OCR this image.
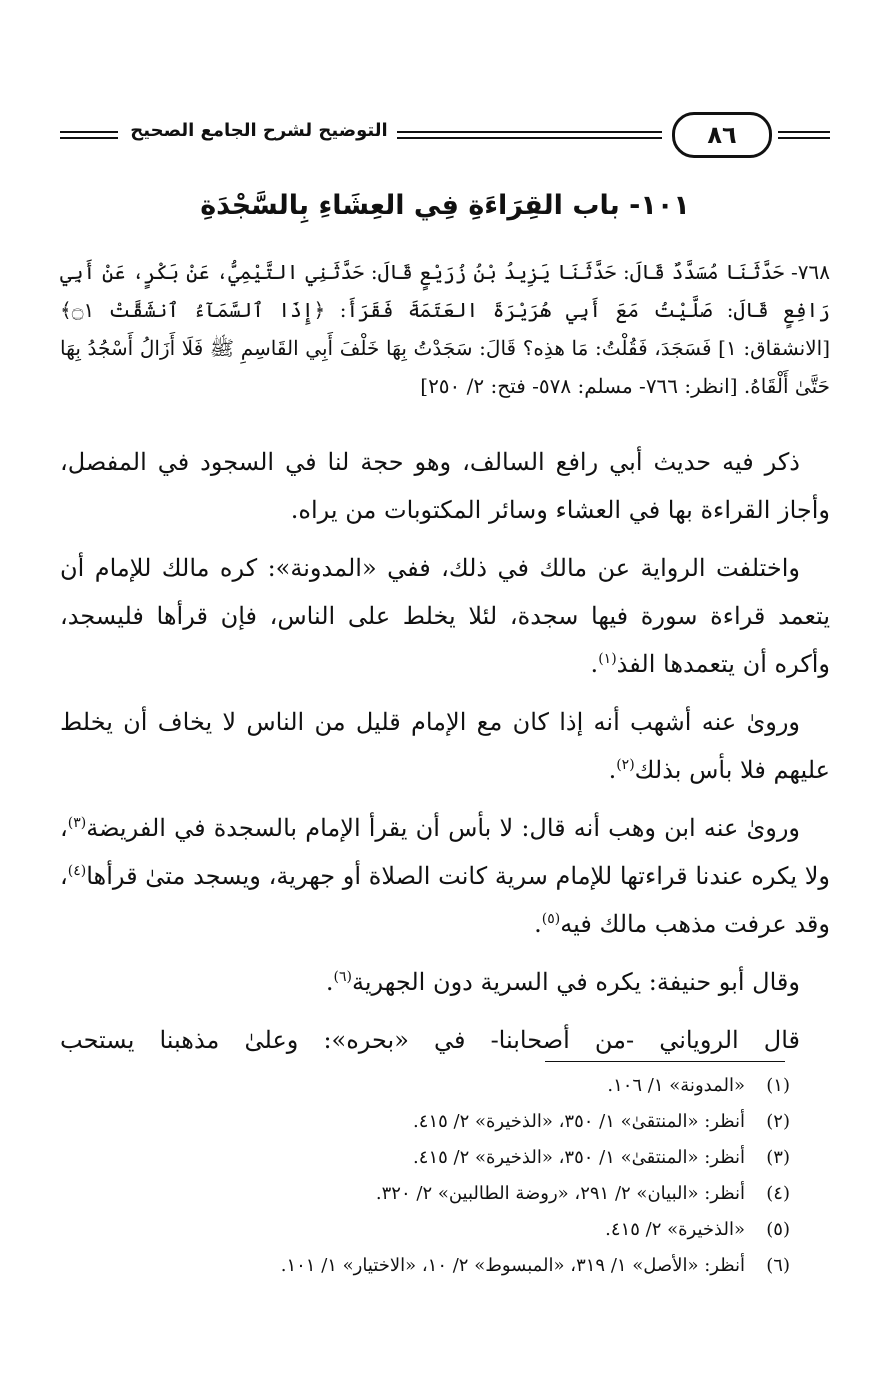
التوضيح لشرح الجامع الصحيح	٨٦
١٠١- باب القِرَاءَةِ فِي العِشَاءِ بِالسَّجْدَةِ

٧٦٨- حَدَّثَنَا مُسَدَّدٌ قَالَ: حَدَّثَنَا يَزِيدُ بْنُ زُرَيْعٍ قَالَ: حَدَّثَنِي التَّيْمِيُّ، عَنْ بَكْرٍ، عَنْ أَبِي رَافِعٍ قَالَ: صَلَّيْتُ مَعَ أَبِي هُرَيْرَةَ العَتَمَةَ فَقَرَأَ: ﴿إِذَا ٱلسَّمَآءُ ٱنشَقَّتْ ۝١﴾ [الانشقاق: ١] فَسَجَدَ، فَقُلْتُ: مَا هذِه؟ قَالَ: سَجَدْتُ بِهَا خَلْفَ أَبِي القَاسِمِ ﷺ فَلَا أَزَالُ أَسْجُدُ بِهَا حَتَّىٰ أَلْقَاهُ. [انظر: ٧٦٦- مسلم: ٥٧٨- فتح: ٢/ ٢٥٠]

ذكر فيه حديث أبي رافع السالف، وهو حجة لنا في السجود في المفصل، وأجاز القراءة بها في العشاء وسائر المكتوبات من يراه.

واختلفت الرواية عن مالك في ذلك، ففي «المدونة»: كره مالك للإمام أن يتعمد قراءة سورة فيها سجدة، لئلا يخلط على الناس، فإن قرأها فليسجد، وأكره أن يتعمدها الفذ$^{(١)}$.

وروىٰ عنه أشهب أنه إذا كان مع الإمام قليل من الناس لا يخاف أن يخلط عليهم فلا بأس بذلك$^{(٢)}$.

وروىٰ عنه ابن وهب أنه قال: لا بأس أن يقرأ الإمام بالسجدة في الفريضة$^{(٣)}$، ولا يكره عندنا قراءتها للإمام سرية كانت الصلاة أو جهرية، ويسجد متىٰ قرأها$^{(٤)}$، وقد عرفت مذهب مالك فيه$^{(٥)}$.

وقال أبو حنيفة: يكره في السرية دون الجهرية$^{(٦)}$.

قال الروياني -من أصحابنا- في «بحره»: وعلىٰ مذهبنا يستحب

(١)
«المدونة» ١/ ١٠٦.
(٢)
أنظر: «المنتقىٰ» ١/ ٣٥٠، «الذخيرة» ٢/ ٤١٥.
(٣)
أنظر: «المنتقىٰ» ١/ ٣٥٠، «الذخيرة» ٢/ ٤١٥.
(٤)
أنظر: «البيان» ٢/ ٢٩١، «روضة الطالبين» ٢/ ٣٢٠.
(٥)
«الذخيرة» ٢/ ٤١٥.
(٦)
أنظر: «الأصل» ١/ ٣١٩، «المبسوط» ٢/ ١٠، «الاختيار» ١/ ١٠١.
